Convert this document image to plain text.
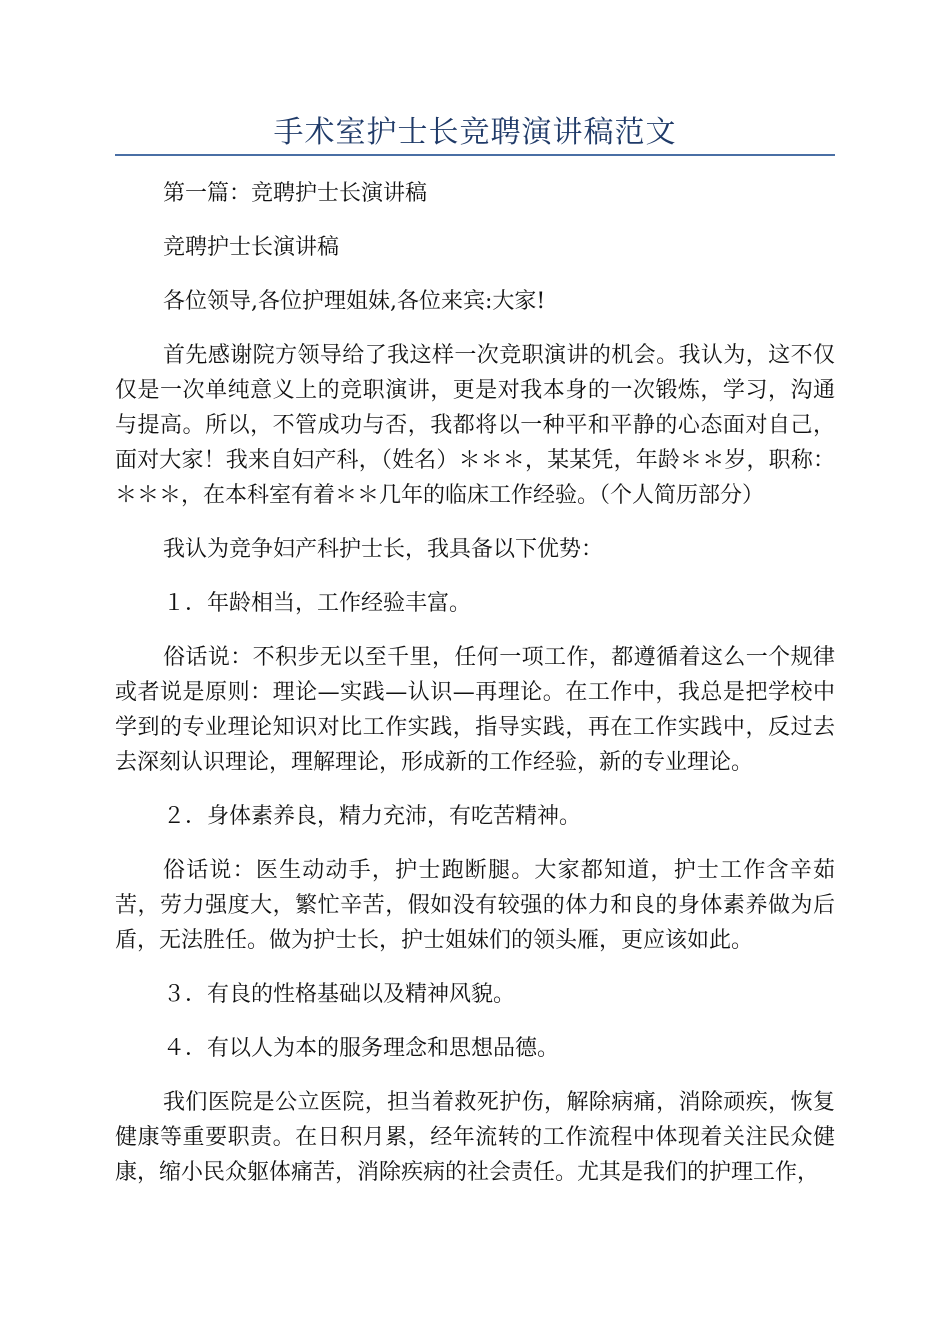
手术室护士长竞聘演讲稿范文

第一篇：竞聘护士长演讲稿

竞聘护士长演讲稿

各位领导,各位护理姐妹,各位来宾:大家!

首先感谢院方领导给了我这样一次竞职演讲的机会。我认为，这不仅仅是一次单纯意义上的竞职演讲，更是对我本身的一次锻炼，学习，沟通与提高。所以，不管成功与否，我都将以一种平和平静的心态面对自己，面对大家！我来自妇产科，（姓名）＊＊＊，某某凭，年龄＊＊岁，职称：＊＊＊，在本科室有着＊＊几年的临床工作经验。（个人简历部分）

我认为竞争妇产科护士长，我具备以下优势：

１．年龄相当，工作经验丰富。

俗话说：不积步无以至千里，任何一项工作，都遵循着这么一个规律或者说是原则：理论—实践—认识—再理论。在工作中，我总是把学校中学到的专业理论知识对比工作实践，指导实践，再在工作实践中，反过去去深刻认识理论，理解理论，形成新的工作经验，新的专业理论。

２．身体素养良，精力充沛，有吃苦精神。

俗话说：医生动动手，护士跑断腿。大家都知道，护士工作含辛茹苦，劳力强度大，繁忙辛苦，假如没有较强的体力和良的身体素养做为后盾，无法胜任。做为护士长，护士姐妹们的领头雁，更应该如此。

３．有良的性格基础以及精神风貌。

４．有以人为本的服务理念和思想品德。

我们医院是公立医院，担当着救死护伤，解除病痛，消除顽疾，恢复健康等重要职责。在日积月累，经年流转的工作流程中体现着关注民众健康，缩小民众躯体痛苦，消除疾病的社会责任。尤其是我们的护理工作，
